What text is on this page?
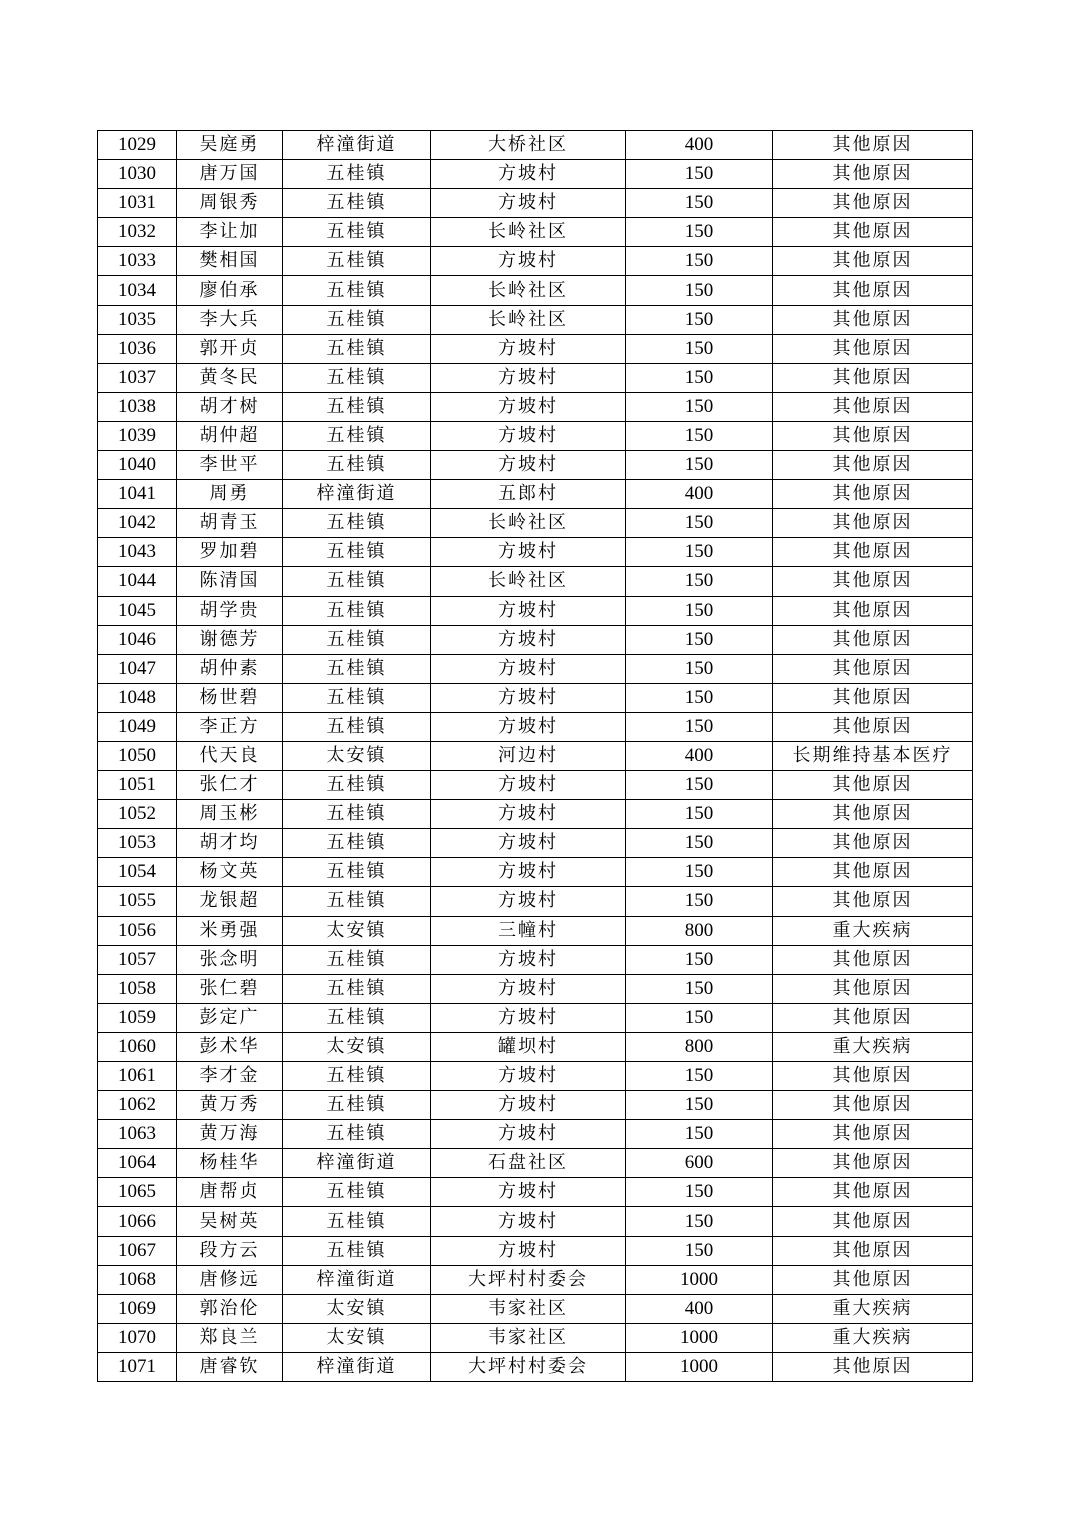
1029	吴庭勇	梓潼街道	大桥社区	400	其他原因
1030	唐万国	五桂镇	方坡村	150	其他原因
1031	周银秀	五桂镇	方坡村	150	其他原因
1032	李让加	五桂镇	长岭社区	150	其他原因
1033	樊相国	五桂镇	方坡村	150	其他原因
1034	廖伯承	五桂镇	长岭社区	150	其他原因
1035	李大兵	五桂镇	长岭社区	150	其他原因
1036	郭开贞	五桂镇	方坡村	150	其他原因
1037	黄冬民	五桂镇	方坡村	150	其他原因
1038	胡才树	五桂镇	方坡村	150	其他原因
1039	胡仲超	五桂镇	方坡村	150	其他原因
1040	李世平	五桂镇	方坡村	150	其他原因
1041	周勇	梓潼街道	五郎村	400	其他原因
1042	胡青玉	五桂镇	长岭社区	150	其他原因
1043	罗加碧	五桂镇	方坡村	150	其他原因
1044	陈清国	五桂镇	长岭社区	150	其他原因
1045	胡学贵	五桂镇	方坡村	150	其他原因
1046	谢德芳	五桂镇	方坡村	150	其他原因
1047	胡仲素	五桂镇	方坡村	150	其他原因
1048	杨世碧	五桂镇	方坡村	150	其他原因
1049	李正方	五桂镇	方坡村	150	其他原因
1050	代天良	太安镇	河边村	400	长期维持基本医疗
1051	张仁才	五桂镇	方坡村	150	其他原因
1052	周玉彬	五桂镇	方坡村	150	其他原因
1053	胡才均	五桂镇	方坡村	150	其他原因
1054	杨文英	五桂镇	方坡村	150	其他原因
1055	龙银超	五桂镇	方坡村	150	其他原因
1056	米勇强	太安镇	三幢村	800	重大疾病
1057	张念明	五桂镇	方坡村	150	其他原因
1058	张仁碧	五桂镇	方坡村	150	其他原因
1059	彭定广	五桂镇	方坡村	150	其他原因
1060	彭术华	太安镇	罐坝村	800	重大疾病
1061	李才金	五桂镇	方坡村	150	其他原因
1062	黄万秀	五桂镇	方坡村	150	其他原因
1063	黄万海	五桂镇	方坡村	150	其他原因
1064	杨桂华	梓潼街道	石盘社区	600	其他原因
1065	唐帮贞	五桂镇	方坡村	150	其他原因
1066	吴树英	五桂镇	方坡村	150	其他原因
1067	段方云	五桂镇	方坡村	150	其他原因
1068	唐修远	梓潼街道	大坪村村委会	1000	其他原因
1069	郭治伦	太安镇	韦家社区	400	重大疾病
1070	郑良兰	太安镇	韦家社区	1000	重大疾病
1071	唐睿钦	梓潼街道	大坪村村委会	1000	其他原因
